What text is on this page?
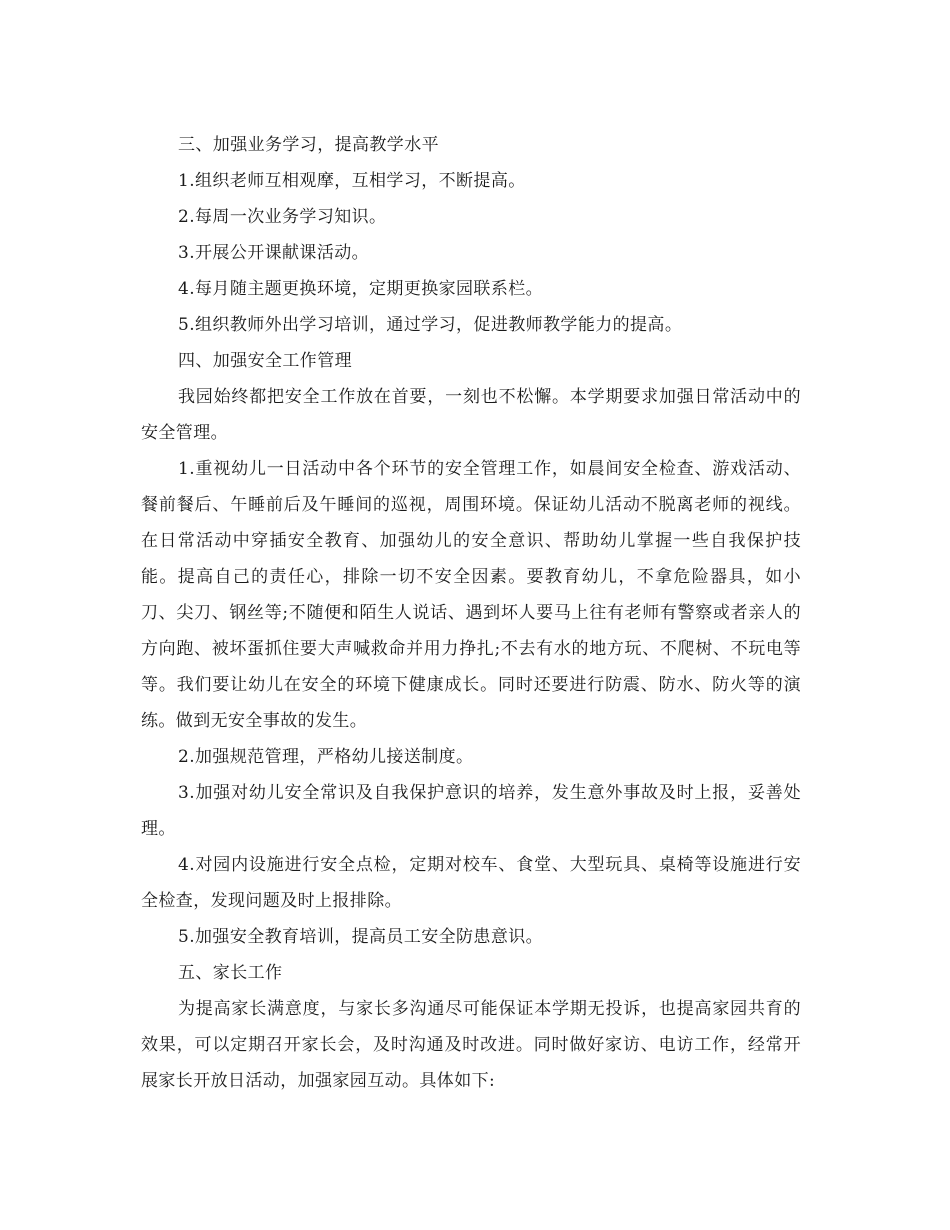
三、加强业务学习，提高教学水平

1.组织老师互相观摩，互相学习，不断提高。

2.每周一次业务学习知识。

3.开展公开课献课活动。

4.每月随主题更换环境，定期更换家园联系栏。

5.组织教师外出学习培训，通过学习，促进教师教学能力的提高。

四、加强安全工作管理

我园始终都把安全工作放在首要，一刻也不松懈。本学期要求加强日常活动中的安全管理。

1.重视幼儿一日活动中各个环节的安全管理工作，如晨间安全检查、游戏活动、餐前餐后、午睡前后及午睡间的巡视，周围环境。保证幼儿活动不脱离老师的视线。在日常活动中穿插安全教育、加强幼儿的安全意识、帮助幼儿掌握一些自我保护技能。提高自己的责任心，排除一切不安全因素。要教育幼儿，不拿危险器具，如小刀、尖刀、钢丝等;不随便和陌生人说话、遇到坏人要马上往有老师有警察或者亲人的方向跑、被坏蛋抓住要大声喊救命并用力挣扎;不去有水的地方玩、不爬树、不玩电等等。我们要让幼儿在安全的环境下健康成长。同时还要进行防震、防水、防火等的演练。做到无安全事故的发生。

2.加强规范管理，严格幼儿接送制度。

3.加强对幼儿安全常识及自我保护意识的培养，发生意外事故及时上报，妥善处理。

4.对园内设施进行安全点检，定期对校车、食堂、大型玩具、桌椅等设施进行安全检查，发现问题及时上报排除。

5.加强安全教育培训，提高员工安全防患意识。

五、家长工作

为提高家长满意度，与家长多沟通尽可能保证本学期无投诉，也提高家园共育的效果，可以定期召开家长会，及时沟通及时改进。同时做好家访、电访工作，经常开展家长开放日活动，加强家园互动。具体如下:
